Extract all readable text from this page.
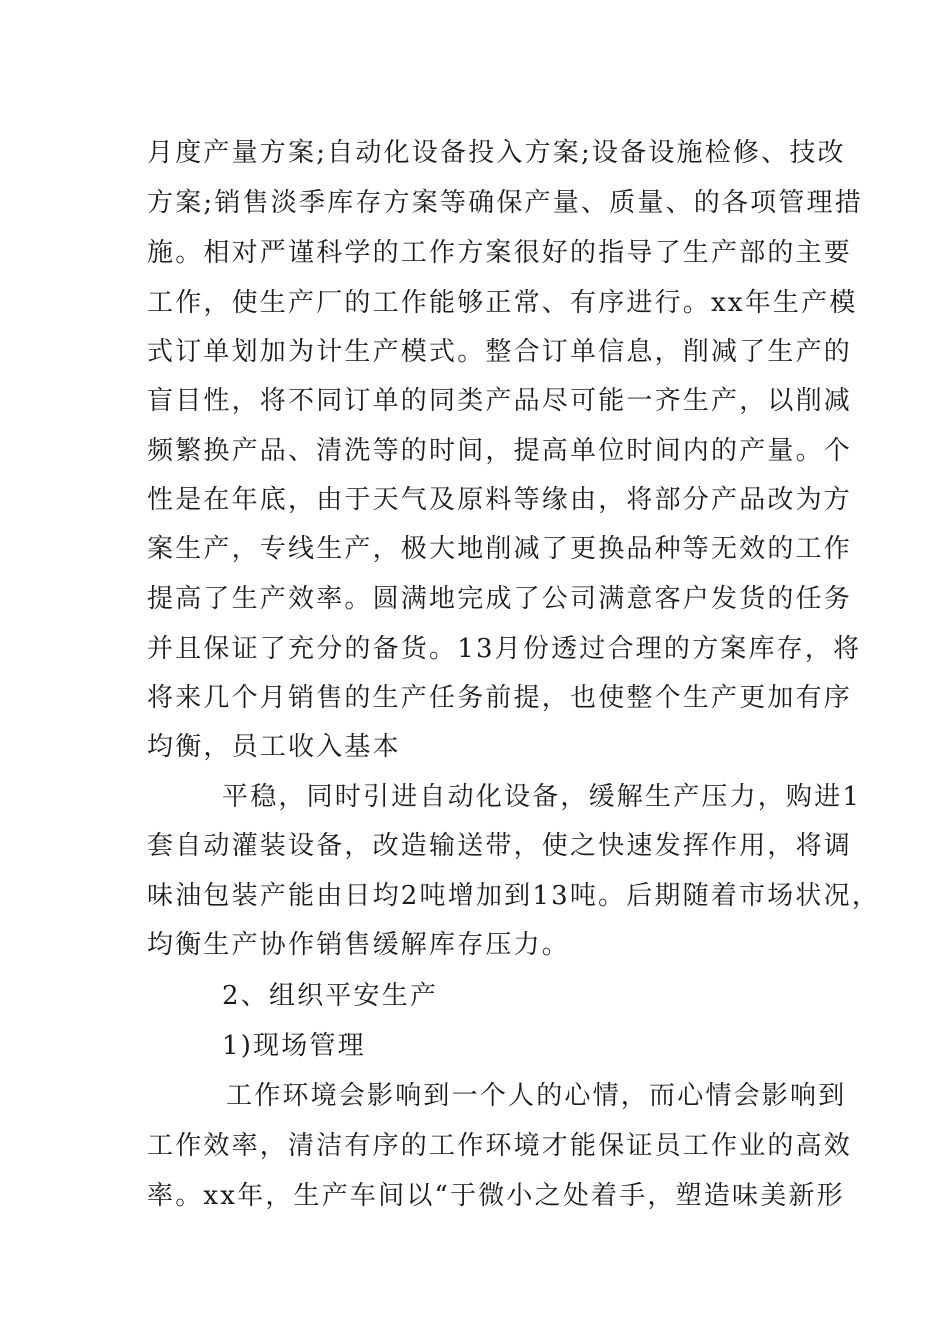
月度产量方案;自动化设备投入方案;设备设施检修、技改

方案;销售淡季库存方案等确保产量、质量、的各项管理措

施。相对严谨科学的工作方案很好的指导了生产部的主要

工作，使生产厂的工作能够正常、有序进行。xx年生产模

式订单划加为计生产模式。整合订单信息，削减了生产的

盲目性，将不同订单的同类产品尽可能一齐生产，以削减

频繁换产品、清洗等的时间，提高单位时间内的产量。个

性是在年底，由于天气及原料等缘由，将部分产品改为方

案生产，专线生产，极大地削减了更换品种等无效的工作

提高了生产效率。圆满地完成了公司满意客户发货的任务

并且保证了充分的备货。13月份透过合理的方案库存，将

将来几个月销售的生产任务前提，也使整个生产更加有序

均衡，员工收入基本

平稳，同时引进自动化设备，缓解生产压力，购进1

套自动灌装设备，改造输送带，使之快速发挥作用，将调

味油包装产能由日均2吨增加到13吨。后期随着市场状况，

均衡生产协作销售缓解库存压力。

2、组织平安生产

1)现场管理

工作环境会影响到一个人的心情，而心情会影响到

工作效率，清洁有序的工作环境才能保证员工作业的高效

率。xx年，生产车间以“于微小之处着手，塑造味美新形
